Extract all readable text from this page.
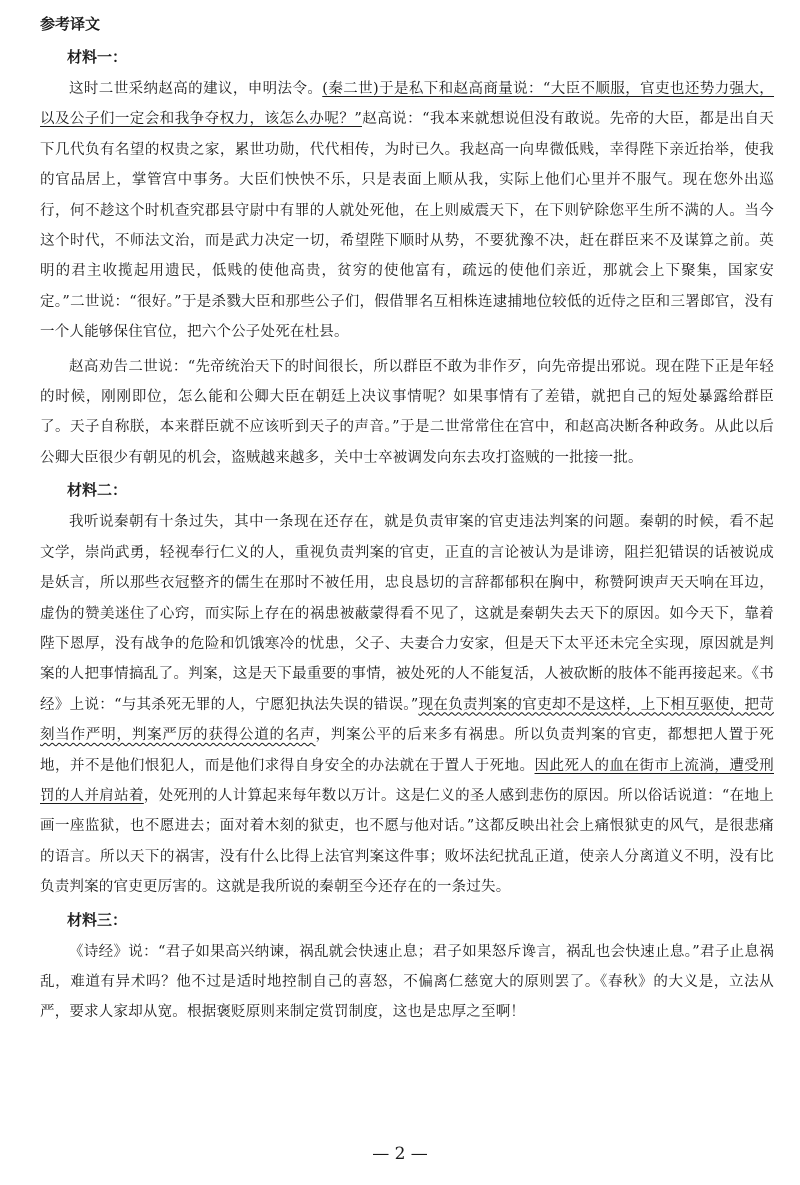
参考译文
材料一：

这时二世采纳赵高的建议，申明法令。(秦二世)于是私下和赵高商量说：“大臣不顺服，官吏也还势力强大，以及公子们一定会和我争夺权力，该怎么办呢？”赵高说：“我本来就想说但没有敢说。先帝的大臣，都是出自天下几代负有名望的权贵之家，累世功勋，代代相传，为时已久。我赵高一向卑微低贱，幸得陛下亲近抬举，使我的官品居上，掌管宫中事务。大臣们怏怏不乐，只是表面上顺从我，实际上他们心里并不服气。现在您外出巡行，何不趁这个时机查究郡县守尉中有罪的人就处死他，在上则威震天下，在下则铲除您平生所不满的人。当今这个时代，不师法文治，而是武力决定一切，希望陛下顺时从势，不要犹豫不决，赶在群臣来不及谋算之前。英明的君主收揽起用遗民，低贱的使他高贵，贫穷的使他富有，疏远的使他们亲近，那就会上下聚集，国家安定。”二世说：“很好。”于是杀戮大臣和那些公子们，假借罪名互相株连逮捕地位较低的近侍之臣和三署郎官，没有一个人能够保住官位，把六个公子处死在杜县。

赵高劝告二世说：“先帝统治天下的时间很长，所以群臣不敢为非作歹，向先帝提出邪说。现在陛下正是年轻的时候，刚刚即位，怎么能和公卿大臣在朝廷上决议事情呢？如果事情有了差错，就把自己的短处暴露给群臣了。天子自称朕，本来群臣就不应该听到天子的声音。”于是二世常常住在宫中，和赵高决断各种政务。从此以后公卿大臣很少有朝见的机会，盗贼越来越多，关中士卒被调发向东去攻打盗贼的一批接一批。

材料二：

我听说秦朝有十条过失，其中一条现在还存在，就是负责审案的官吏违法判案的问题。秦朝的时候，看不起文学，崇尚武勇，轻视奉行仁义的人，重视负责判案的官吏，正直的言论被认为是诽谤，阻拦犯错误的话被说成是妖言，所以那些衣冠整齐的儒生在那时不被任用，忠良恳切的言辞都郁积在胸中，称赞阿谀声天天响在耳边，虚伪的赞美迷住了心窍，而实际上存在的祸患被蔽蒙得看不见了，这就是秦朝失去天下的原因。如今天下，靠着陛下恩厚，没有战争的危险和饥饿寒冷的忧患，父子、夫妻合力安家，但是天下太平还未完全实现，原因就是判案的人把事情搞乱了。判案，这是天下最重要的事情，被处死的人不能复活，人被砍断的肢体不能再接起来。《书经》上说：“与其杀死无罪的人，宁愿犯执法失误的错误。”现在负责判案的官吏却不是这样，上下相互驱使，把苛刻当作严明，判案严厉的获得公道的名声，判案公平的后来多有祸患。所以负责判案的官吏，都想把人置于死地，并不是他们恨犯人，而是他们求得自身安全的办法就在于置人于死地。因此死人的血在街市上流淌，遭受刑罚的人并肩站着，处死刑的人计算起来每年数以万计。这是仁义的圣人感到悲伤的原因。所以俗话说道：“在地上画一座监狱，也不愿进去；面对着木刻的狱吏，也不愿与他对话。”这都反映出社会上痛恨狱吏的风气，是很悲痛的语言。所以天下的祸害，没有什么比得上法官判案这件事；败坏法纪扰乱正道，使亲人分离道义不明，没有比负责判案的官吏更厉害的。这就是我所说的秦朝至今还存在的一条过失。

材料三：

《诗经》说：“君子如果高兴纳谏，祸乱就会快速止息；君子如果怒斥谗言，祸乱也会快速止息。”君子止息祸乱，难道有异术吗？他不过是适时地控制自己的喜怒，不偏离仁慈宽大的原则罢了。《春秋》的大义是，立法从严，要求人家却从宽。根据褒贬原则来制定赏罚制度，这也是忠厚之至啊！

— 2 —
